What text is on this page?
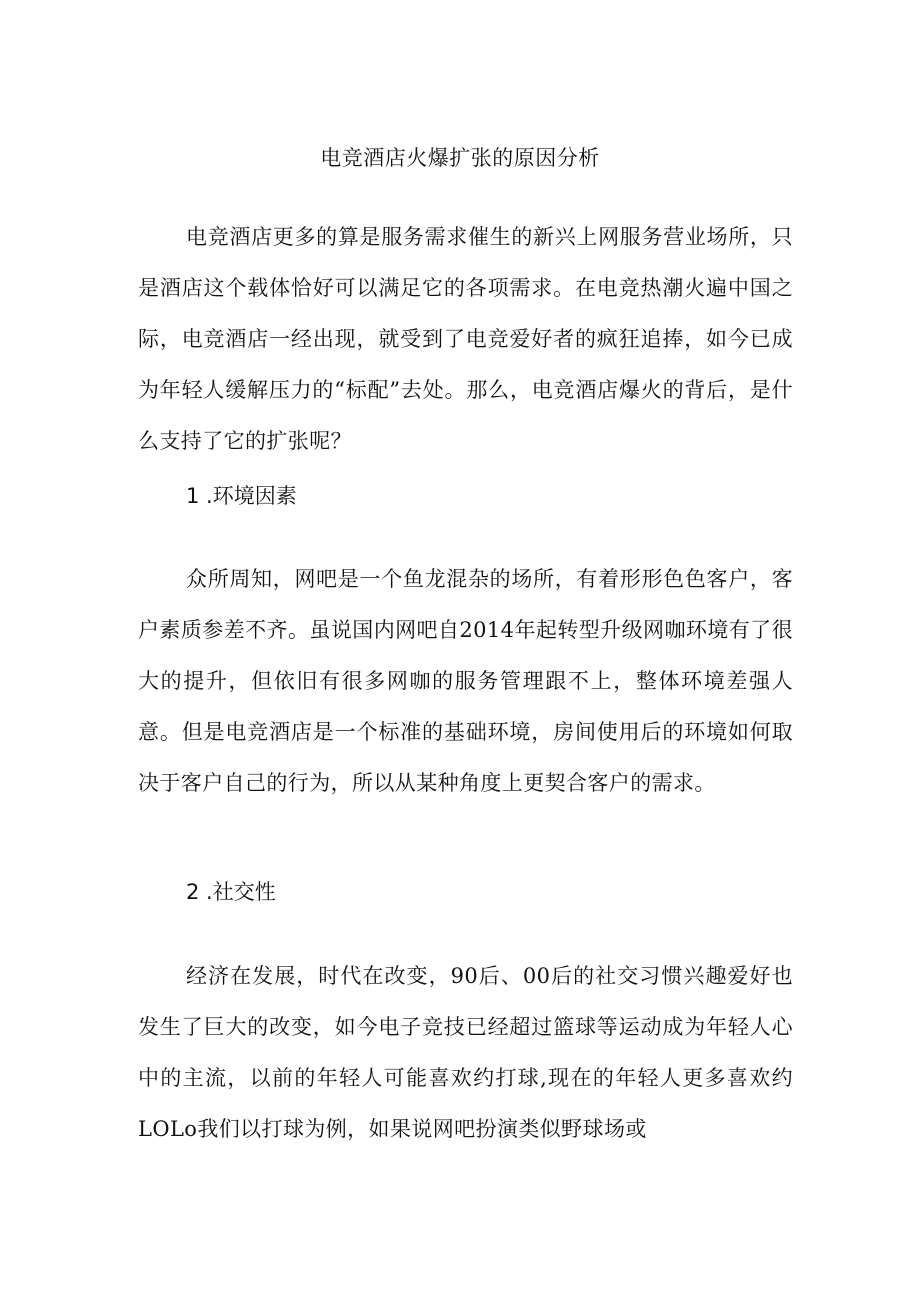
电竞酒店火爆扩张的原因分析

电竞酒店更多的算是服务需求催生的新兴上网服务营业场所，只是酒店这个载体恰好可以满足它的各项需求。在电竞热潮火遍中国之际，电竞酒店一经出现，就受到了电竞爱好者的疯狂追捧，如今已成为年轻人缓解压力的“标配”去处。那么，电竞酒店爆火的背后，是什么支持了它的扩张呢？

1 .环境因素

众所周知，网吧是一个鱼龙混杂的场所，有着形形色色客户，客户素质参差不齐。虽说国内网吧自2014年起转型升级网咖环境有了很大的提升，但依旧有很多网咖的服务管理跟不上，整体环境差强人意。但是电竞酒店是一个标准的基础环境，房间使用后的环境如何取决于客户自己的行为，所以从某种角度上更契合客户的需求。

2 .社交性

经济在发展，时代在改变，90后、00后的社交习惯兴趣爱好也发生了巨大的改变，如今电子竞技已经超过篮球等运动成为年轻人心中的主流，以前的年轻人可能喜欢约打球,现在的年轻人更多喜欢约LOLo我们以打球为例，如果说网吧扮演类似野球场或
